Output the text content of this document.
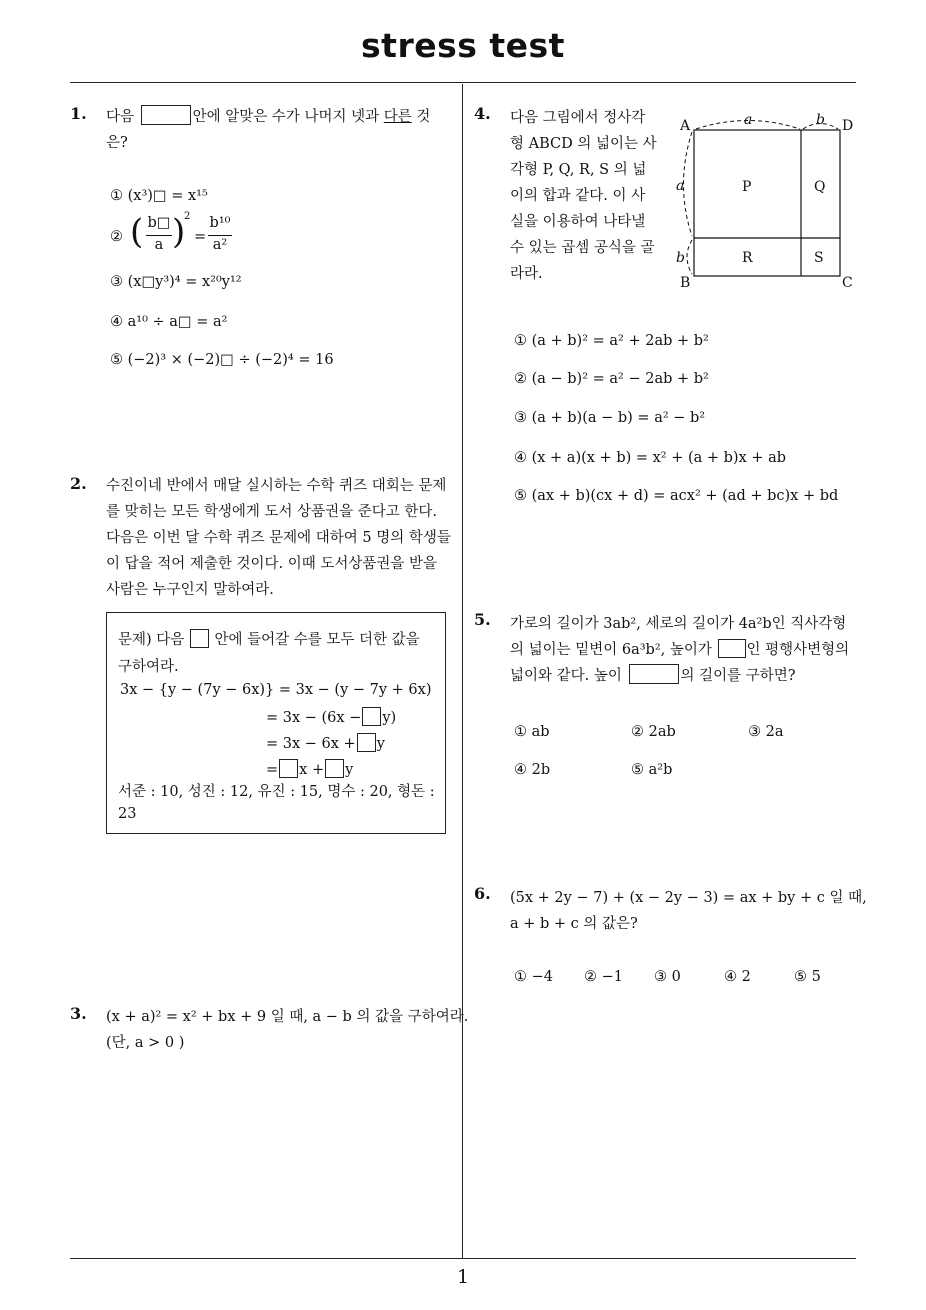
stress test
1
1. 다음	안에 알맞은 수가 나머지 넷과 다른 것
은?
① (x³)□ = x¹⁵
② ( b□
a )
2
=
b¹⁰
a²
③ (x□y³)⁴ = x²⁰y¹²
④ a¹⁰ ÷ a□ = a²
⑤ (−2)³ × (−2)□ ÷ (−2)⁴ = 16
2. 수진이네 반에서 매달 실시하는 수학 퀴즈 대회는 문제
를 맞히는 모든 학생에게 도서 상품권을 준다고 한다.
다음은 이번 달 수학 퀴즈 문제에 대하여 5 명의 학생들
이 답을 적어 제출한 것이다. 이때 도서상품권을 받을
사람은 누구인지 말하여라.
문제) 다음 안에 들어갈 수를 모두 더한 값을
구하여라.
3x − {y − (7y − 6x)} = 3x − (y − 7y + 6x)
= 3x − (6x − y)
= 3x − 6x + y
= x + y
서준 : 10, 성진 : 12, 유진 : 15, 명수 : 20, 형돈 :
23
3. (x + a)² = x² + bx + 9 일 때, a − b 의 값을 구하여라.
(단, a > 0 )
4. 다음 그림에서 정사각
형 ABCD 의 넓이는 사
각형 P, Q, R, S 의 넓
이의 합과 같다. 이 사
실을 이용하여 나타낼
수 있는 곱셈 공식을 골
라라.
A	D
B	C
a	b
a
b
P	Q
R	S
① (a + b)² = a² + 2ab + b²
② (a − b)² = a² − 2ab + b²
③ (a + b)(a − b) = a² − b²
④ (x + a)(x + b) = x² + (a + b)x + ab
⑤ (ax + b)(cx + d) = acx² + (ad + bc)x + bd
5. 가로의 길이가 3ab², 세로의 길이가 4a²b인 직사각형
의 넓이는 밑변이 6a³b², 높이가 인 평행사변형의
넓이와 같다. 높이	의 길이를 구하면?
① ab	② 2ab	③ 2a
④ 2b	⑤ a²b
6. (5x + 2y − 7) + (x − 2y − 3) = ax + by + c 일 때,
a + b + c 의 값은?
① −4 ② −1 ③ 0	④ 2	⑤ 5
